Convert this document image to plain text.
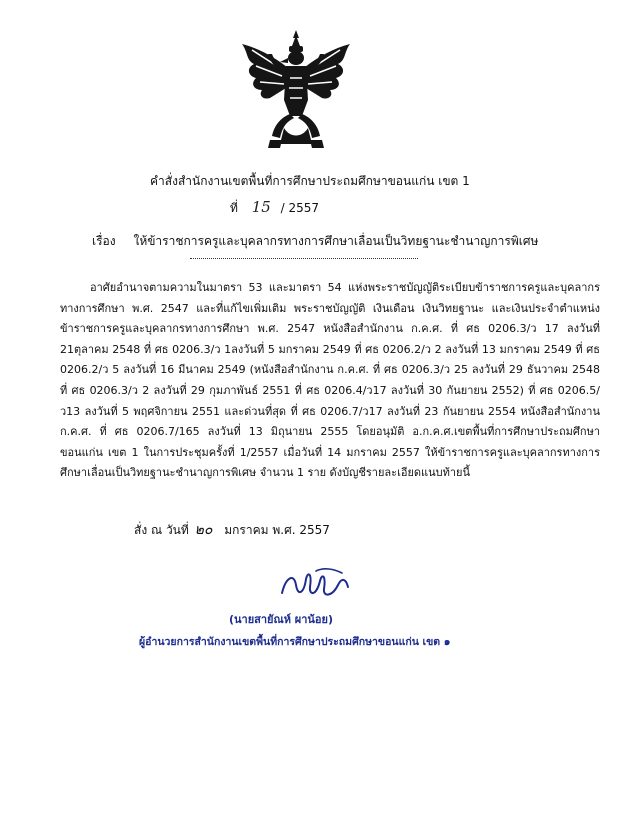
คำสั่งสำนักงานเขตพื้นที่การศึกษาประถมศึกษาขอนแก่น เขต 1
ที่ 15 / 2557
เรื่อง ให้ข้าราชการครูและบุคลากรทางการศึกษาเลื่อนเป็นวิทยฐานะชำนาญการพิเศษ

อาศัยอำนาจตามความในมาตรา 53 และมาตรา 54 แห่งพระราชบัญญัติระเบียบข้าราชการครูและบุคลากรทางการศึกษา พ.ศ. 2547 และที่แก้ไขเพิ่มเติม พระราชบัญญัติ เงินเดือน เงินวิทยฐานะ และเงินประจำตำแหน่งข้าราชการครูและบุคลากรทางการศึกษา พ.ศ. 2547 หนังสือสำนักงาน ก.ค.ศ. ที่ ศธ 0206.3/ว 17 ลงวันที่ 21ตุลาคม 2548 ที่ ศธ 0206.3/ว 1ลงวันที่ 5 มกราคม 2549 ที่ ศธ 0206.2/ว 2 ลงวันที่ 13 มกราคม 2549 ที่ ศธ 0206.2/ว 5 ลงวันที่ 16 มีนาคม 2549 (หนังสือสำนักงาน ก.ค.ศ. ที่ ศธ 0206.3/ว 25 ลงวันที่ 29 ธันวาคม 2548 ที่ ศธ 0206.3/ว 2 ลงวันที่ 29 กุมภาพันธ์ 2551 ที่ ศธ 0206.4/ว17 ลงวันที่ 30 กันยายน 2552) ที่ ศธ 0206.5/ว13 ลงวันที่ 5 พฤศจิกายน 2551 และด่วนที่สุด ที่ ศธ 0206.7/ว17 ลงวันที่ 23 กันยายน 2554 หนังสือสำนักงาน ก.ค.ศ. ที่ ศธ 0206.7/165 ลงวันที่ 13 มิถุนายน 2555 โดยอนุมัติ อ.ก.ค.ศ.เขตพื้นที่การศึกษาประถมศึกษาขอนแก่น เขต 1 ในการประชุมครั้งที่ 1/2557 เมื่อวันที่ 14 มกราคม 2557 ให้ข้าราชการครูและบุคลากรทางการศึกษาเลื่อนเป็นวิทยฐานะชำนาญการพิเศษ จำนวน 1 ราย ดังบัญชีรายละเอียดแนบท้ายนี้

สั่ง ณ วันที่ ๒๐ มกราคม พ.ศ. 2557
(นายสายัณห์ ผาน้อย)
ผู้อำนวยการสำนักงานเขตพื้นที่การศึกษาประถมศึกษาขอนแก่น เขต ๑
